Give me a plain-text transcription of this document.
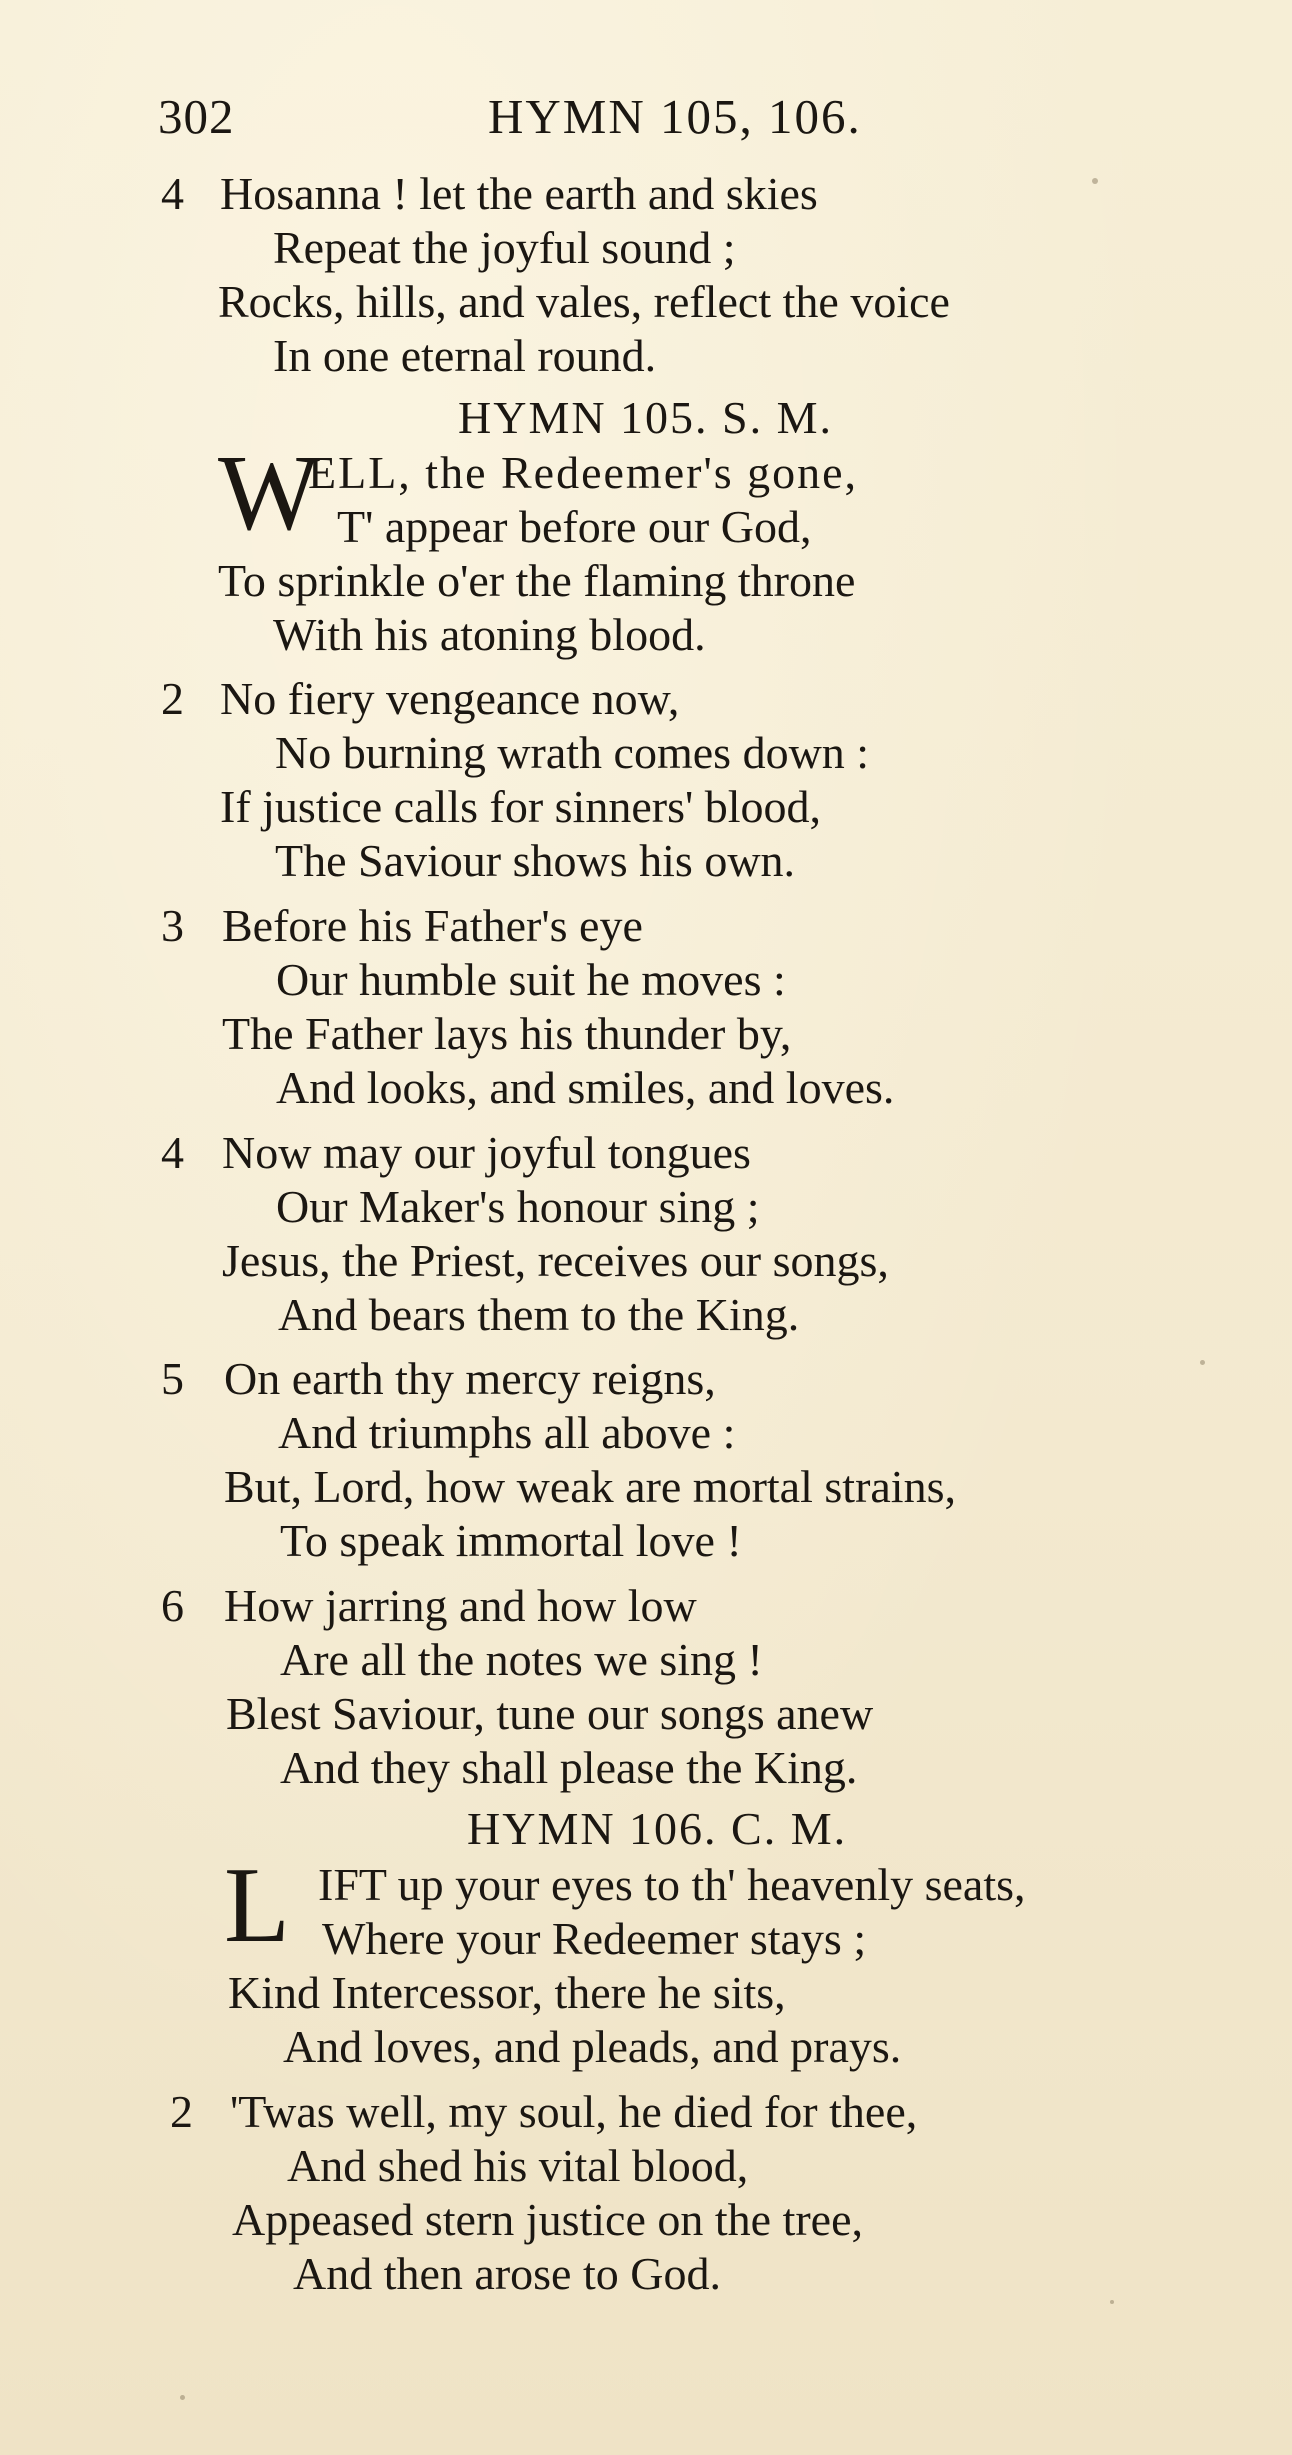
302	HYMN 105, 106.
4 Hosanna ! let the earth and skies
Repeat the joyful sound ;
Rocks, hills, and vales, reflect the voice
In one eternal round.
HYMN 105. S. M.
W
ELL, the Redeemer's gone,
T' appear before our God,
To sprinkle o'er the flaming throne
With his atoning blood.
2 No fiery vengeance now,
No burning wrath comes down :
If justice calls for sinners' blood,
The Saviour shows his own.
3 Before his Father's eye
Our humble suit he moves :
The Father lays his thunder by,
And looks, and smiles, and loves.
4 Now may our joyful tongues
Our Maker's honour sing ;
Jesus, the Priest, receives our songs,
And bears them to the King.
5 On earth thy mercy reigns,
And triumphs all above :
But, Lord, how weak are mortal strains,
To speak immortal love !
6 How jarring and how low
Are all the notes we sing !
Blest Saviour, tune our songs anew
And they shall please the King.
HYMN 106. C. M.
L IFT up your eyes to th' heavenly seats,
Where your Redeemer stays ;
Kind Intercessor, there he sits,
And loves, and pleads, and prays.
2 'Twas well, my soul, he died for thee,
And shed his vital blood,
Appeased stern justice on the tree,
And then arose to God.
